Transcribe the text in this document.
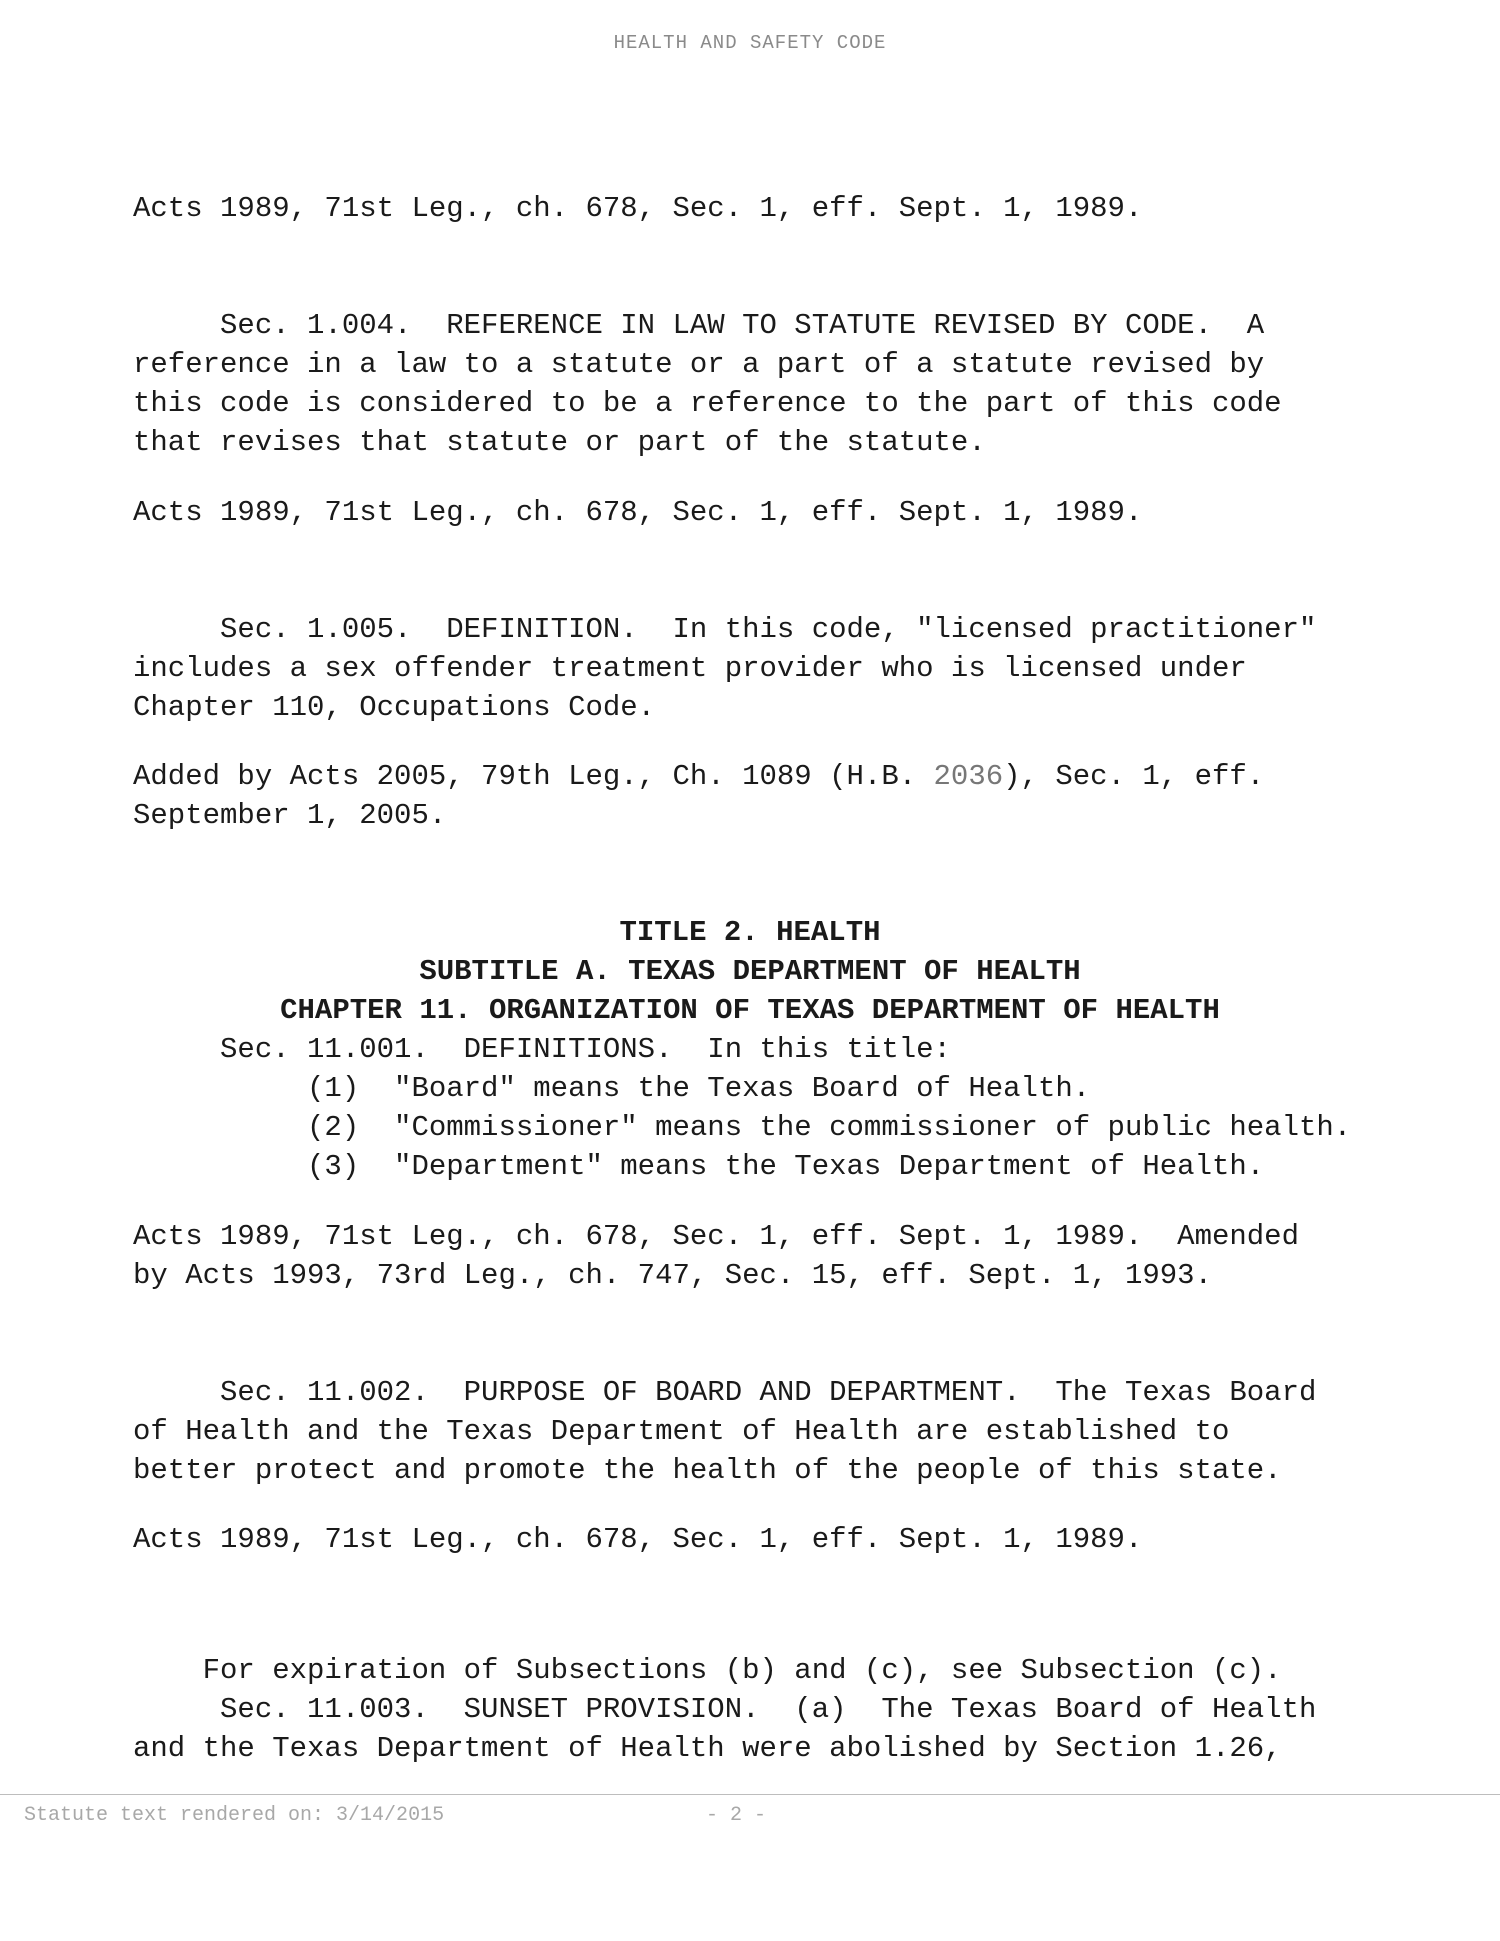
HEALTH AND SAFETY CODE
Acts 1989, 71st Leg., ch. 678, Sec. 1, eff. Sept. 1, 1989.
Sec. 1.004.  REFERENCE IN LAW TO STATUTE REVISED BY CODE.  A
reference in a law to a statute or a part of a statute revised by
this code is considered to be a reference to the part of this code
that revises that statute or part of the statute.
Acts 1989, 71st Leg., ch. 678, Sec. 1, eff. Sept. 1, 1989.
Sec. 1.005.  DEFINITION.  In this code, "licensed practitioner"
includes a sex offender treatment provider who is licensed under
Chapter 110, Occupations Code.
Added by Acts 2005, 79th Leg., Ch. 1089 (H.B. 2036), Sec. 1, eff.
September 1, 2005.
TITLE 2. HEALTH
SUBTITLE A. TEXAS DEPARTMENT OF HEALTH
CHAPTER 11. ORGANIZATION OF TEXAS DEPARTMENT OF HEALTH
Sec. 11.001.  DEFINITIONS.  In this title:
(1)  "Board" means the Texas Board of Health.
(2)  "Commissioner" means the commissioner of public health.
(3)  "Department" means the Texas Department of Health.
Acts 1989, 71st Leg., ch. 678, Sec. 1, eff. Sept. 1, 1989.  Amended
by Acts 1993, 73rd Leg., ch. 747, Sec. 15, eff. Sept. 1, 1993.
Sec. 11.002.  PURPOSE OF BOARD AND DEPARTMENT.  The Texas Board
of Health and the Texas Department of Health are established to
better protect and promote the health of the people of this state.
Acts 1989, 71st Leg., ch. 678, Sec. 1, eff. Sept. 1, 1989.
For expiration of Subsections (b) and (c), see Subsection (c).
Sec. 11.003.  SUNSET PROVISION.  (a)  The Texas Board of Health
and the Texas Department of Health were abolished by Section 1.26,
Statute text rendered on: 3/14/2015	- 2 -
